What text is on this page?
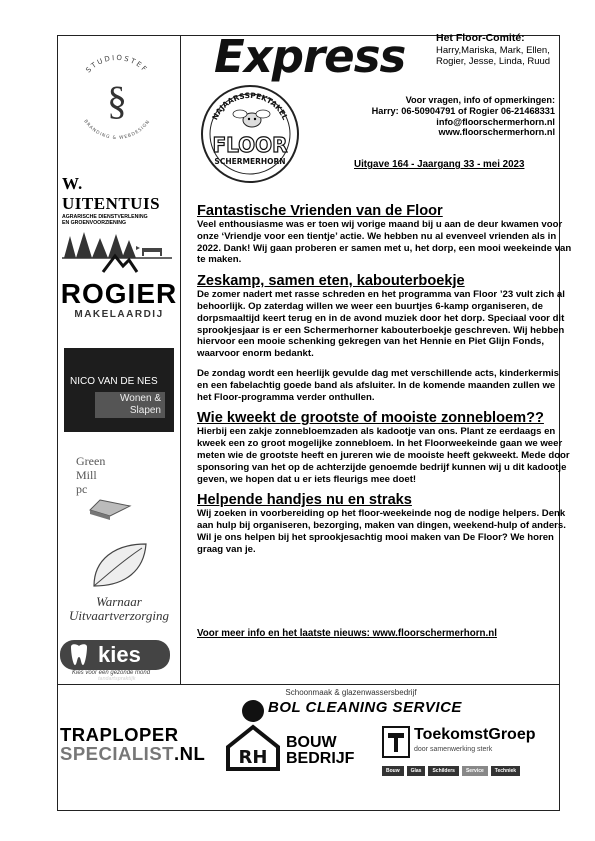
Express	Het Floor-Comité:
Harry,Mariska, Mark, Ellen, Rogier, Jesse, Linda, Ruud
Voor vragen, info of opmerkingen:
Harry: 06-50904791 of Rogier 06-21468331
info@floorschermerhorn.nl
www.floorschermerhorn.nl
Uitgave 164 - Jaargang 33 - mei 2023
NAJAARSSPEKTAKEL
FLOOR
SCHERMERHORN
Fantastische Vrienden van de Floor

Veel enthousiasme was er toen wij vorige maand bij u aan de deur kwamen voor onze ‘Vriendje voor een tientje’ actie. We hebben nu al evenveel vrienden als in 2022. Dank! Wij gaan proberen er samen met u, het dorp, een mooi weekeinde van te maken.

Zeskamp, samen eten, kabouterboekje

De zomer nadert met rasse schreden en het programma van Floor ’23 vult zich al behoorlijk. Op zaterdag willen we weer een buurtjes 6-kamp organiseren, de dorpsmaaltijd keert terug en in de avond muziek door het dorp. Speciaal voor dit sprookjesjaar is er een Schermerhorner kabouterboekje geschreven. Wij hebben hiervoor een mooie schenking gekregen van het Hennie en Piet Glijn Fonds, waarvoor enorm bedankt.

De zondag wordt een heerlijk gevulde dag met verschillende acts, kinderkermis en een fabelachtig goede band als afsluiter. In de komende maanden zullen we het Floor-programma verder onthullen.

Wie kweekt de grootste of mooiste zonnebloem??

Hierbij een zakje zonnebloemzaden als kadootje van ons. Plant ze eerdaags en kweek een zo groot mogelijke zonnebloem. In het Floorweekeinde gaan we weer meten wie de grootste heeft en jureren wie de mooiste heeft gekweekt. Mede door sponsoring van het op de achterzijde genoemde bedrijf kunnen wij u dit kadootje geven, we hopen dat u er iets fleurigs mee doet!

Helpende handjes nu en straks

Wij zoeken in voorbereiding op het floor-weekeinde nog de nodige helpers. Denk aan hulp bij organiseren, bezorging, maken van dingen, weekend-hulp of anders. Wil je ons helpen bij het sprookjesachtig mooi maken van De Floor? We horen graag van je.

Voor meer info en het laatste nieuws: www.floorschermerhorn.nl
STUDIOSTEF
BRANDING & WEBDESIGN
§
W. UITENTUIS
AGRARISCHE DIENSTVERLENING
EN GROENVOORZIENING
ROGIER
MAKELAARDIJ
NICO VAN DE NES
Wonen & Slapen
Green
Mill
pc
Warnaar
Uitvaartverzorging
kies
tandartspraktijk
Kies voor een gezonde mond
Schoonmaak & glazenwassersbedrijf
BOL CLEANING SERVICE
TRAPLOPER
SPECIALIST.NL RH
BOUW
BEDRIJF
ToekomstGroep
door samenwerking sterk
Bouw	Glas	Schilders	Service	Techniek
